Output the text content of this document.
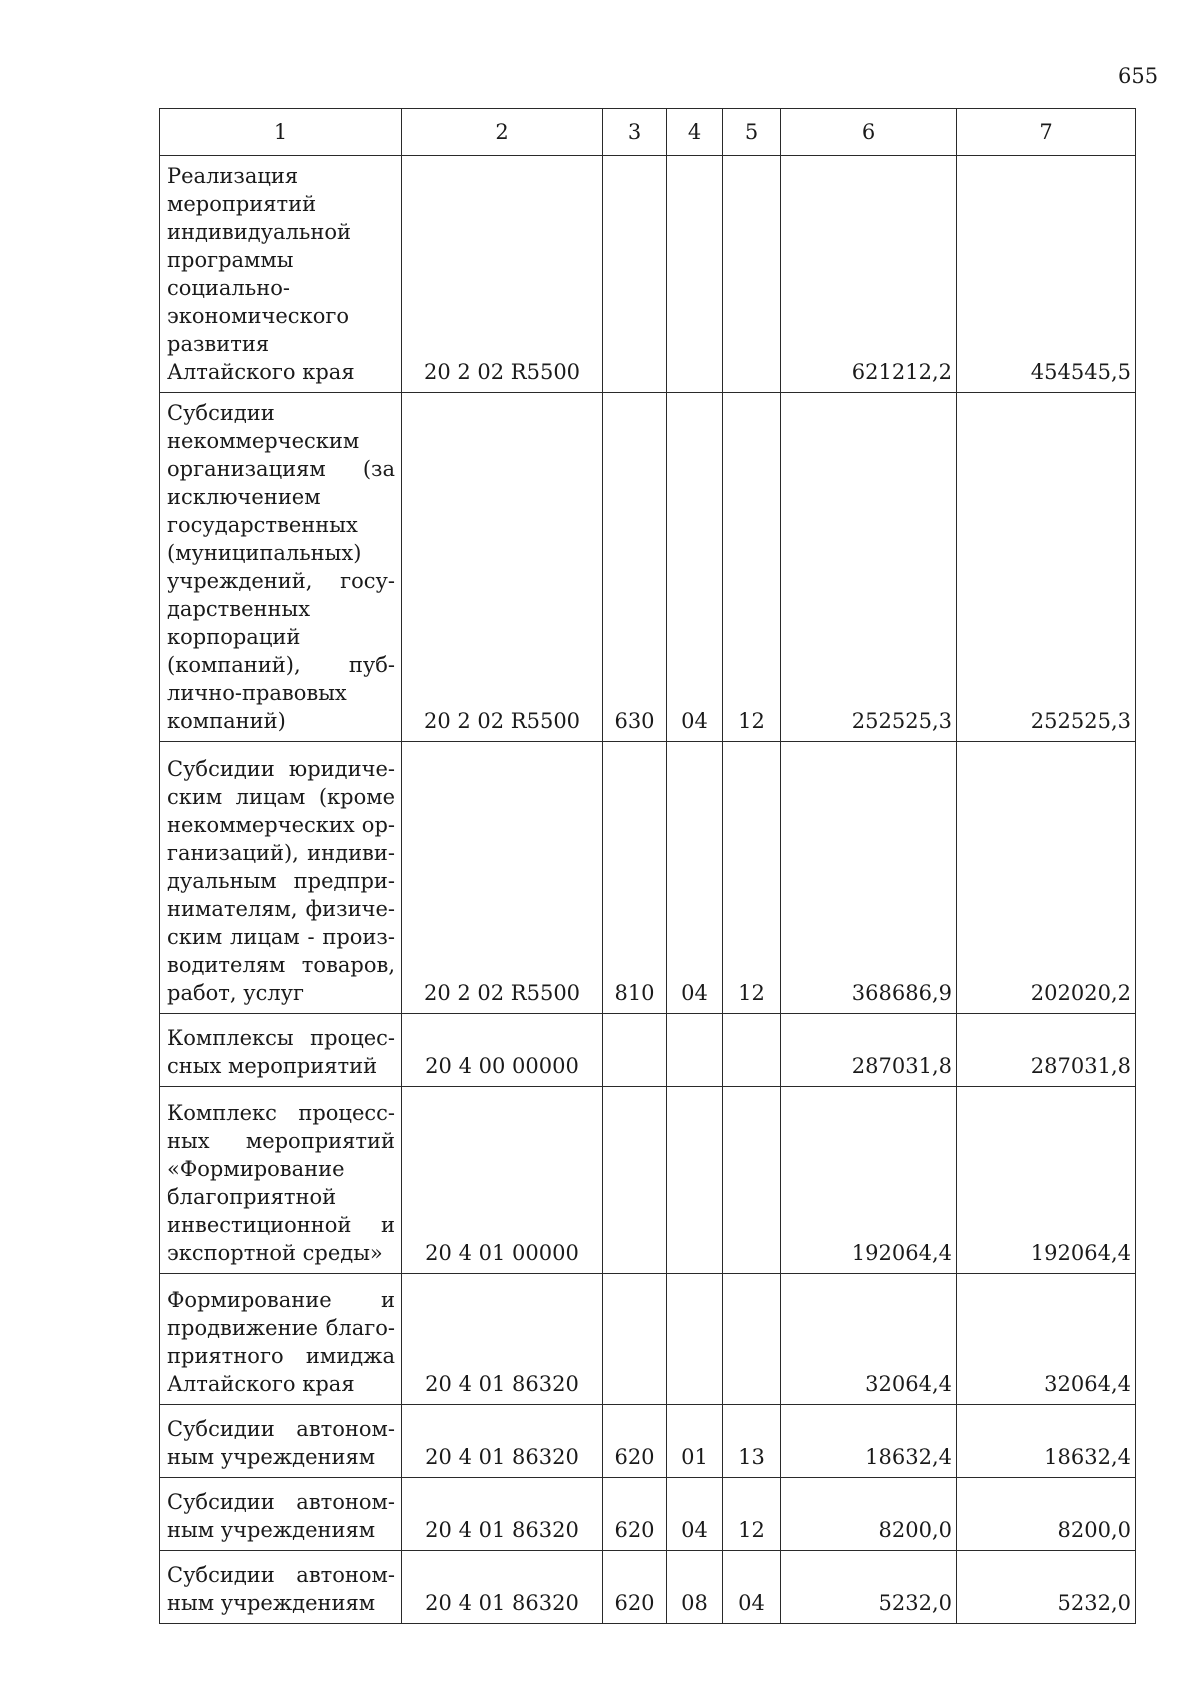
655
1	2	3	4	5	6	7
Реализация мероприятий индивидуальной программы социально-экономического развития Алтайского края	20 2 02 R5500				621212,2	454545,5
Субсидии некоммерческим организациям (за исключением государственных (муниципальных) учреждений, государственных корпораций (компаний), публично-правовых компаний)	20 2 02 R5500	630	04	12	252525,3	252525,3
Субсидии юридическим лицам (кроме некоммерческих организаций), индивидуальным предпринимателям, физическим лицам - производителям товаров, работ, услуг	20 2 02 R5500	810	04	12	368686,9	202020,2
Комплексы процессных мероприятий	20 4 00 00000				287031,8	287031,8
Комплекс процессных мероприятий «Формирование благоприятной инвестиционной и экспортной среды»	20 4 01 00000				192064,4	192064,4
Формирование и продвижение благоприятного имиджа Алтайского края	20 4 01 86320				32064,4	32064,4
Субсидии автономным учреждениям	20 4 01 86320	620	01	13	18632,4	18632,4
Субсидии автономным учреждениям	20 4 01 86320	620	04	12	8200,0	8200,0
Субсидии автономным учреждениям	20 4 01 86320	620	08	04	5232,0	5232,0
